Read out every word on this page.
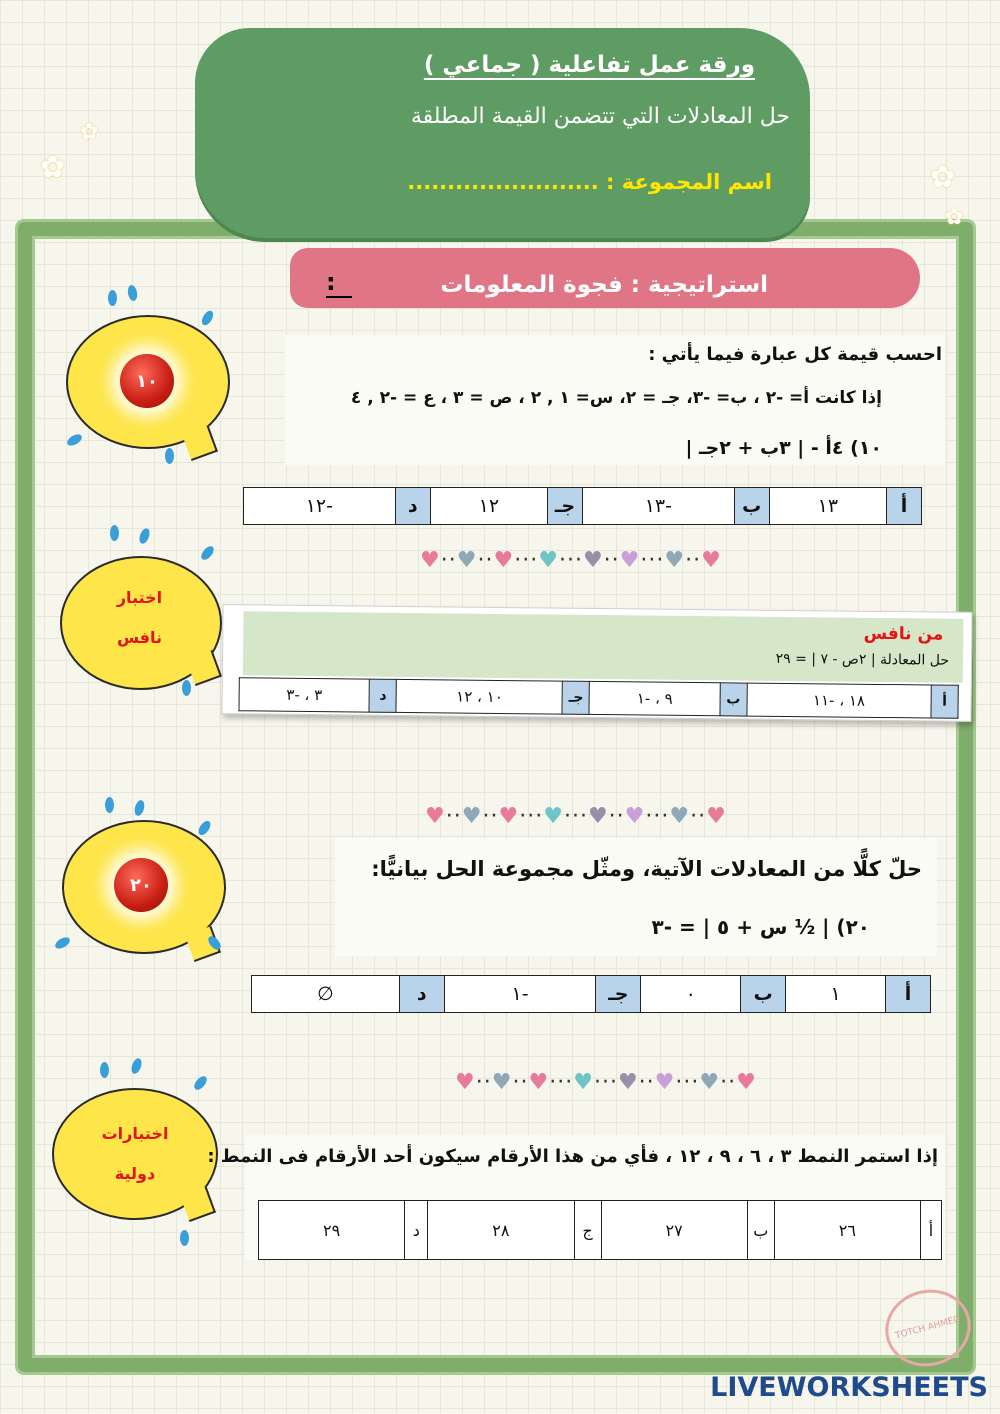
ورقة عمل تفاعلية ( جماعي )
حل المعادلات التي تتضمن القيمة المطلقة
اسم المجموعة : ........................
✿
✿
✿
✿
:	استراتيجية : فجوة المعلومات
١٠
احسب قيمة كل عبارة فيما يأتي :
إذا كانت أ= -٢ ، ب= -٣، جـ = ٢، س= ١ , ٢ ، ص = ٣ ، ع = -٢ , ٤
١٠) ٤أ - | ٣ب + ٢جـ |
أ	١٣	ب	-١٣	جـ	١٢	د	-١٢
♥··♥··♥···♥···♥··♥···♥··♥
اختبار
نافس	من نافس
حل المعادلة | ٢ص - ٧ | = ٢٩
أ	١٨ ، -١١	ب	٩ ، -١	جـ	١٠ ، ١٢	د	٣ ، -٣
♥··♥··♥···♥···♥··♥···♥··♥
٢٠
حلّ كلًّا من المعادلات الآتية، ومثّل مجموعة الحل بيانيًّا:
٢٠) | ½ س + ٥ | = -٣
أ	١	ب	٠	جـ	-١	د	∅
♥··♥··♥···♥···♥··♥···♥··♥
اختبارات
دولية
إذا استمر النمط ٣ ، ٦ ، ٩ ، ١٢ ، فأي من هذا الأرقام سيكون أحد الأرقام فى النمط :
أ	٢٦	ب	٢٧	ج	٢٨	د	٢٩
TOTCH AHMED
LIVEWORKSHEETS
